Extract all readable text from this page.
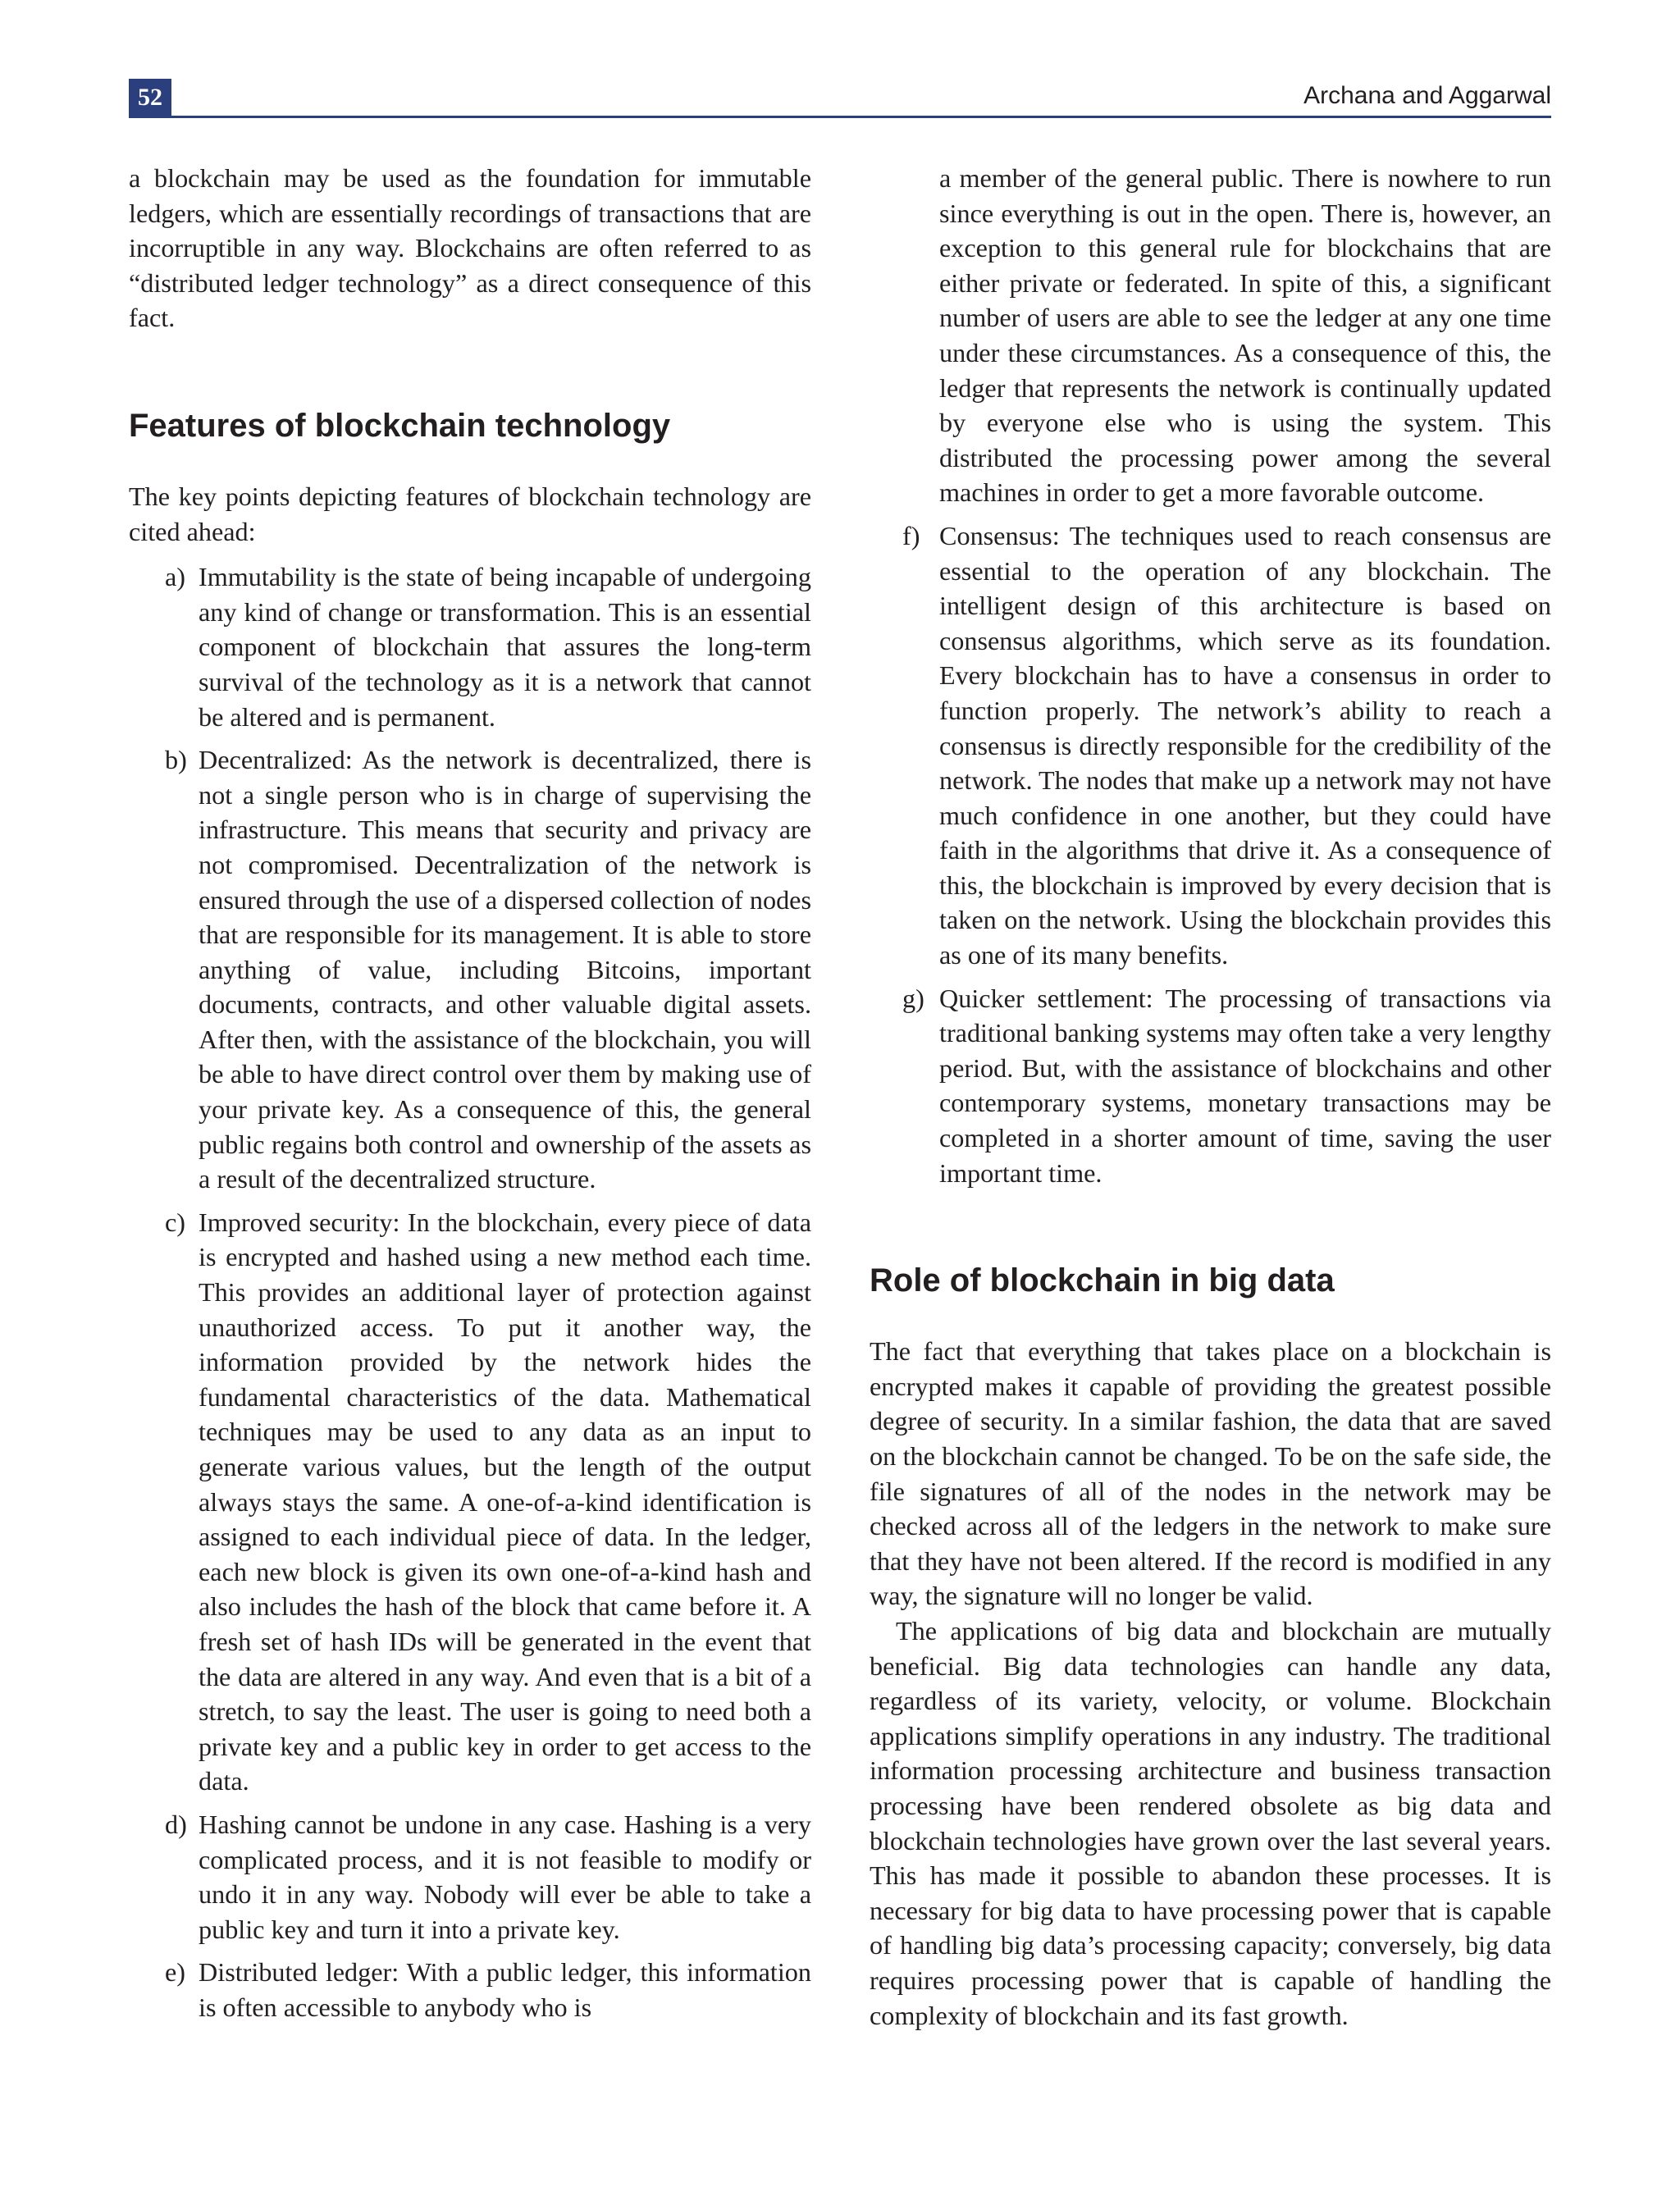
52	Archana and Aggarwal

a blockchain may be used as the foundation for immutable ledgers, which are essentially recordings of transactions that are incorruptible in any way. Blockchains are often referred to as “distributed ledger technology” as a direct consequence of this fact.

Features of blockchain technology

The key points depicting features of blockchain technology are cited ahead:

a) Immutability is the state of being incapable of undergoing any kind of change or transformation. This is an essential component of blockchain that assures the long-term survival of the technology as it is a network that cannot be altered and is permanent.
b) Decentralized: As the network is decentralized, there is not a single person who is in charge of supervising the infrastructure. This means that security and privacy are not compromised. Decentralization of the network is ensured through the use of a dispersed collection of nodes that are responsible for its management. It is able to store anything of value, including Bitcoins, important documents, contracts, and other valuable digital assets. After then, with the assistance of the blockchain, you will be able to have direct control over them by making use of your private key. As a consequence of this, the general public regains both control and ownership of the assets as a result of the decentralized structure.
c) Improved security: In the blockchain, every piece of data is encrypted and hashed using a new method each time. This provides an additional layer of protection against unauthorized access. To put it another way, the information provided by the network hides the fundamental characteristics of the data. Mathematical techniques may be used to any data as an input to generate various values, but the length of the output always stays the same. A one-of-a-kind identification is assigned to each individual piece of data. In the ledger, each new block is given its own one-of-a-kind hash and also includes the hash of the block that came before it. A fresh set of hash IDs will be generated in the event that the data are altered in any way. And even that is a bit of a stretch, to say the least. The user is going to need both a private key and a public key in order to get access to the data.
d) Hashing cannot be undone in any case. Hashing is a very complicated process, and it is not feasible to modify or undo it in any way. Nobody will ever be able to take a public key and turn it into a private key.
e) Distributed ledger: With a public ledger, this information is often accessible to anybody who is

a member of the general public. There is nowhere to run since everything is out in the open. There is, however, an exception to this general rule for blockchains that are either private or federated. In spite of this, a significant number of users are able to see the ledger at any one time under these circumstances. As a consequence of this, the ledger that represents the network is continually updated by everyone else who is using the system. This distributed the processing power among the several machines in order to get a more favorable outcome.

f) Consensus: The techniques used to reach consensus are essential to the operation of any blockchain. The intelligent design of this architecture is based on consensus algorithms, which serve as its foundation. Every blockchain has to have a consensus in order to function properly. The network’s ability to reach a consensus is directly responsible for the credibility of the network. The nodes that make up a network may not have much confidence in one another, but they could have faith in the algorithms that drive it. As a consequence of this, the blockchain is improved by every decision that is taken on the network. Using the blockchain provides this as one of its many benefits.
g) Quicker settlement: The processing of transactions via traditional banking systems may often take a very lengthy period. But, with the assistance of blockchains and other contemporary systems, monetary transactions may be completed in a shorter amount of time, saving the user important time.
Role of blockchain in big data

The fact that everything that takes place on a blockchain is encrypted makes it capable of providing the greatest possible degree of security. In a similar fashion, the data that are saved on the blockchain cannot be changed. To be on the safe side, the file signatures of all of the nodes in the network may be checked across all of the ledgers in the network to make sure that they have not been altered. If the record is modified in any way, the signature will no longer be valid.

The applications of big data and blockchain are mutually beneficial. Big data technologies can handle any data, regardless of its variety, velocity, or volume. Blockchain applications simplify operations in any industry. The traditional information processing architecture and business transaction processing have been rendered obsolete as big data and blockchain technologies have grown over the last several years. This has made it possible to abandon these processes. It is necessary for big data to have processing power that is capable of handling big data’s processing capacity; conversely, big data requires processing power that is capable of handling the complexity of blockchain and its fast growth.
